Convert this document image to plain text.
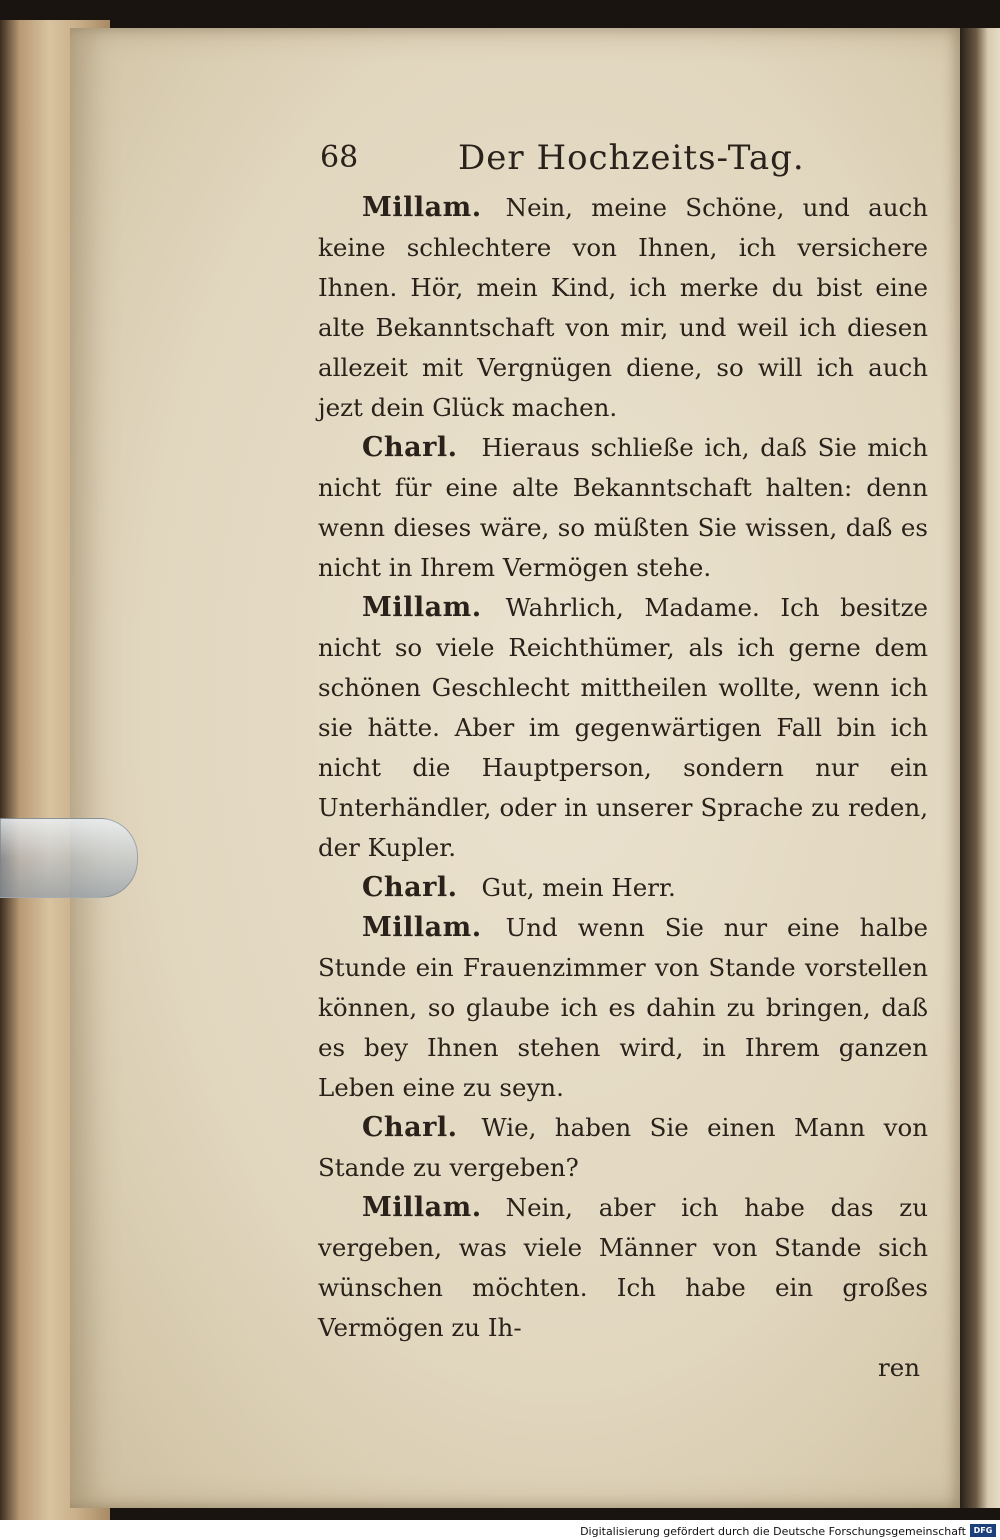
68	Der Hochzeits-Tag.
Millam. Nein, meine Schöne, und auch keine schlechtere von Ihnen, ich versichere Ihnen. Hör, mein Kind, ich merke du bist eine alte Bekanntschaft von mir, und weil ich diesen allezeit mit Vergnügen diene, so will ich auch jezt dein Glück machen.
Charl. Hieraus schließe ich, daß Sie mich nicht für eine alte Bekanntschaft halten: denn wenn dieses wäre, so müßten Sie wissen, daß es nicht in Ihrem Vermögen stehe.
Millam. Wahrlich, Madame. Ich besitze nicht so viele Reichthümer, als ich gerne dem schönen Geschlecht mittheilen wollte, wenn ich sie hätte. Aber im gegenwärtigen Fall bin ich nicht die Hauptperson, sondern nur ein Unterhändler, oder in unserer Sprache zu reden, der Kupler.
Charl. Gut, mein Herr.
Millam. Und wenn Sie nur eine halbe Stunde ein Frauenzimmer von Stande vorstellen können, so glaube ich es dahin zu bringen, daß es bey Ihnen stehen wird, in Ihrem ganzen Leben eine zu seyn.
Charl. Wie, haben Sie einen Mann von Stande zu vergeben?
Millam. Nein, aber ich habe das zu vergeben, was viele Männer von Stande sich wünschen möchten. Ich habe ein großes Vermögen zu Ih-
ren
Digitalisierung gefördert durch die Deutsche Forschungsgemeinschaft DFG
